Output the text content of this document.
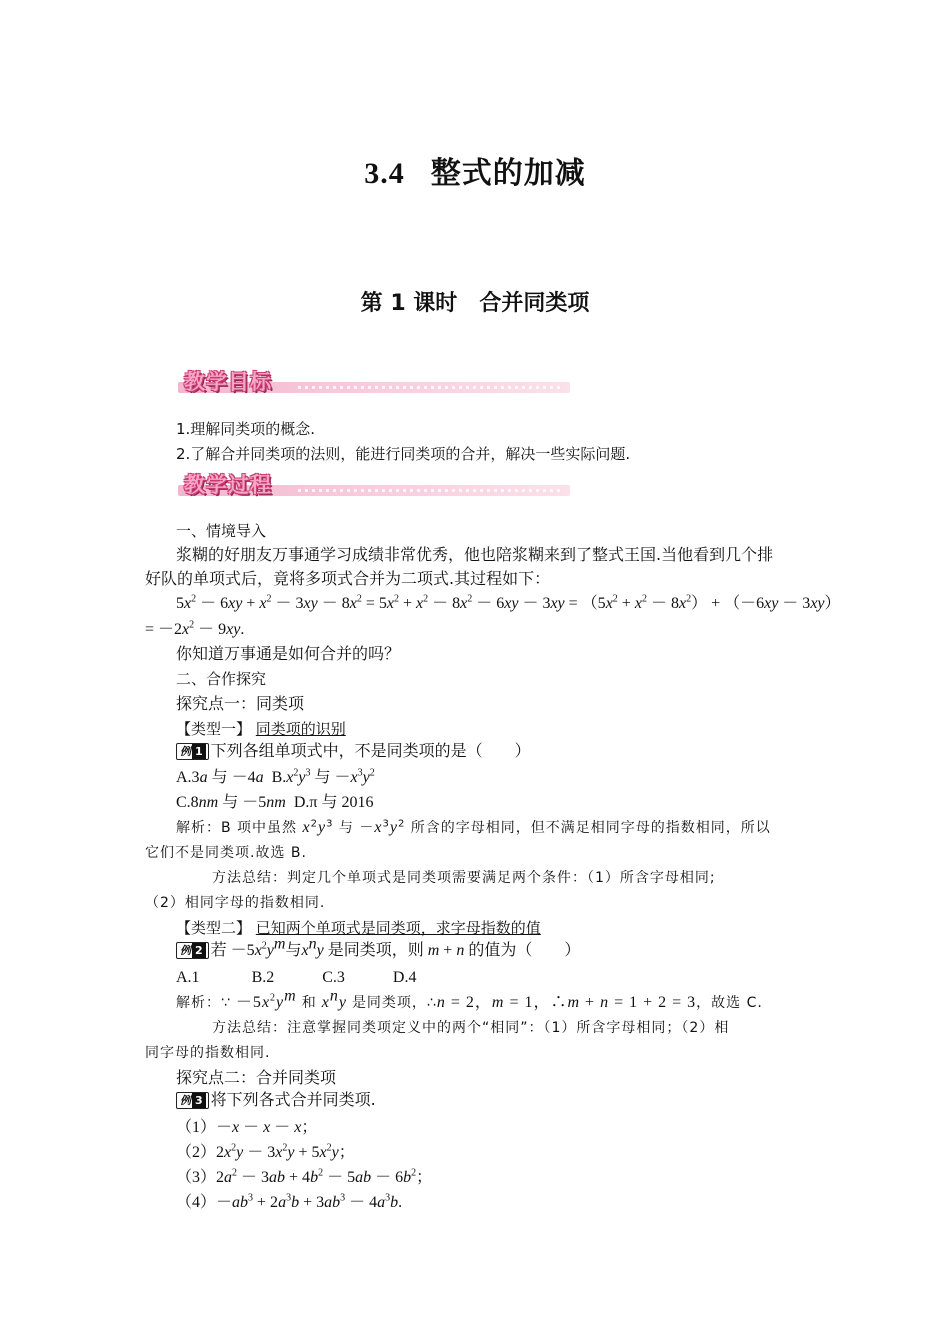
3.4 整式的加减
第 1 课时 合并同类项
教学目标
1.理解同类项的概念.
2.了解合并同类项的法则，能进行同类项的合并，解决一些实际问题.
教学过程
一、情境导入
浆糊的好朋友万事通学习成绩非常优秀，他也陪浆糊来到了整式王国.当他看到几个排
好队的单项式后，竟将多项式合并为二项式.其过程如下：
$5x^2 - 6xy + x^2 - 3xy - 8x^2 = 5x^2 + x^2 - 8x^2 - 6xy - 3xy = (5x^2 + x^2 - 8x^2) + (-6xy - 3xy)$
= $-2x^2 - 9xy$.
你知道万事通是如何合并的吗？
二、合作探究
探究点一：同类项
【类型一】 同类项的识别
例 1 下列各组单项式中，不是同类项的是（　　）
A.3a 与 －4a  $B.x^2y^3$ 与 $-x^3y^2$
C.8nm 与 －5nm  D.π 与 2016
解析：B 项中虽然 $x^2y^3$ 与 $-x^3y^2$ 所含的字母相同，但不满足相同字母的指数相同，所以
它们不是同类项.故选 B.
方法总结：判定几个单项式是同类项需要满足两个条件：（1）所含字母相同;
（2）相同字母的指数相同.
【类型二】 已知两个单项式是同类项，求字母指数的值
例 2 若 $-5x^2y^m$与$x^ny$ 是同类项，则 m + n 的值为（　　）
A.1	B.2	C.3	D.4
解析：∵ $-5x^2y^m$ 和 $x^ny$ 是同类项，∴n = 2，m = 1，∴m + n = 1 + 2 = 3，故选 C.
方法总结：注意掌握同类项定义中的两个“相同”：（1）所含字母相同；（2）相
同字母的指数相同.
探究点二：合并同类项
例 3 将下列各式合并同类项.
（1）－x － x － x；
$(2)2x^2y - 3x^2y + 5x^2y$；
$(3)2a^2 - 3ab + 4b^2 - 5ab - 6b^2$；
$(4)-ab^3 + 2a^3b + 3ab^3 - 4a^3b$.
